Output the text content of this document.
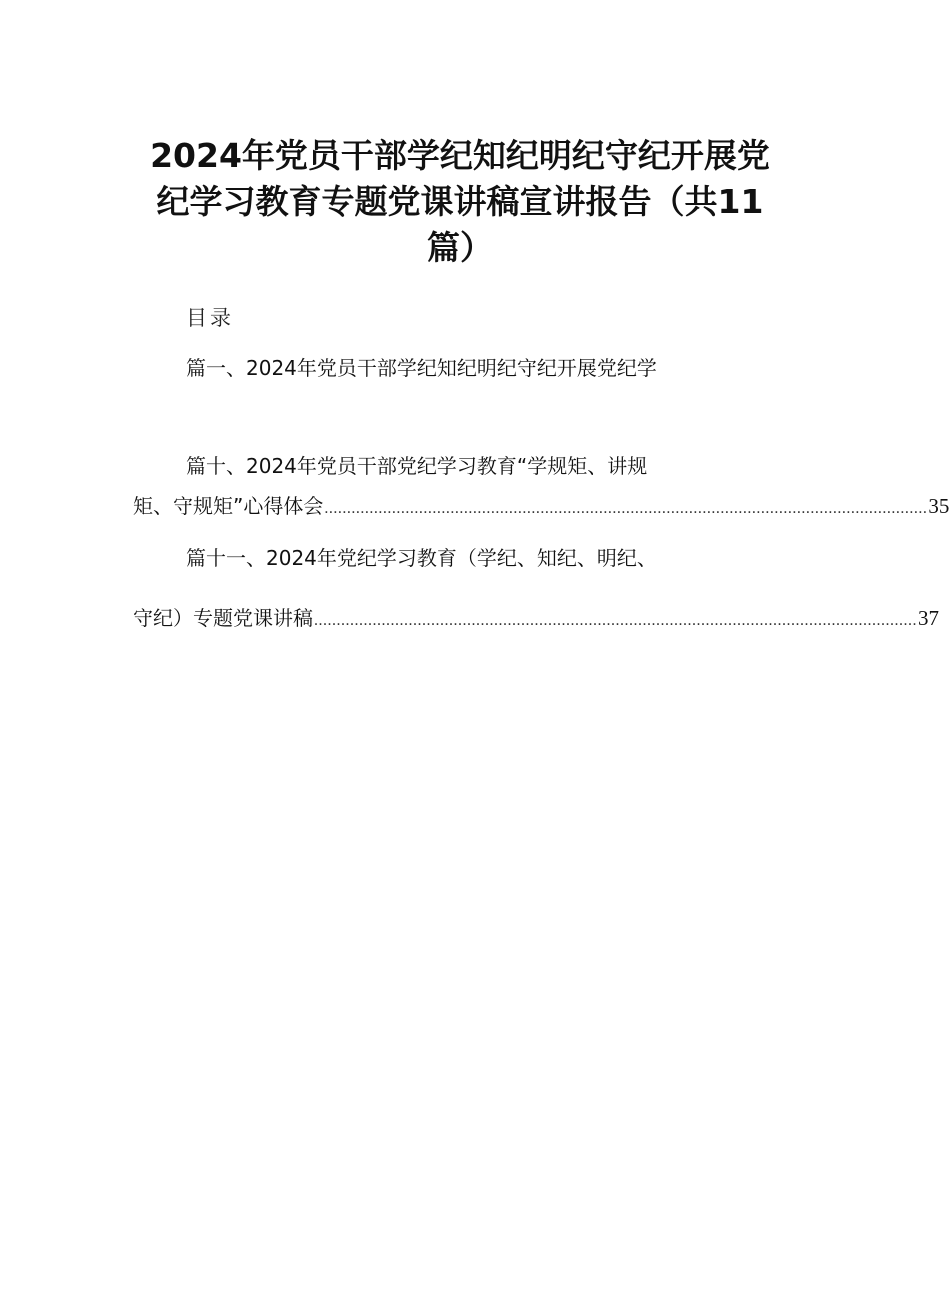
2024年党员干部学纪知纪明纪守纪开展党
纪学习教育专题党课讲稿宣讲报告（共11
篇）
目录
篇一、2024年党员干部学纪知纪明纪守纪开展党纪学
篇十、2024年党员干部党纪学习教育“学规矩、讲规
矩、守规矩”心得体会 ...................................................................................................................................... 35
篇十一、2024年党纪学习教育（学纪、知纪、明纪、
守纪）专题党课讲稿 ...................................................................................................................................... 37
